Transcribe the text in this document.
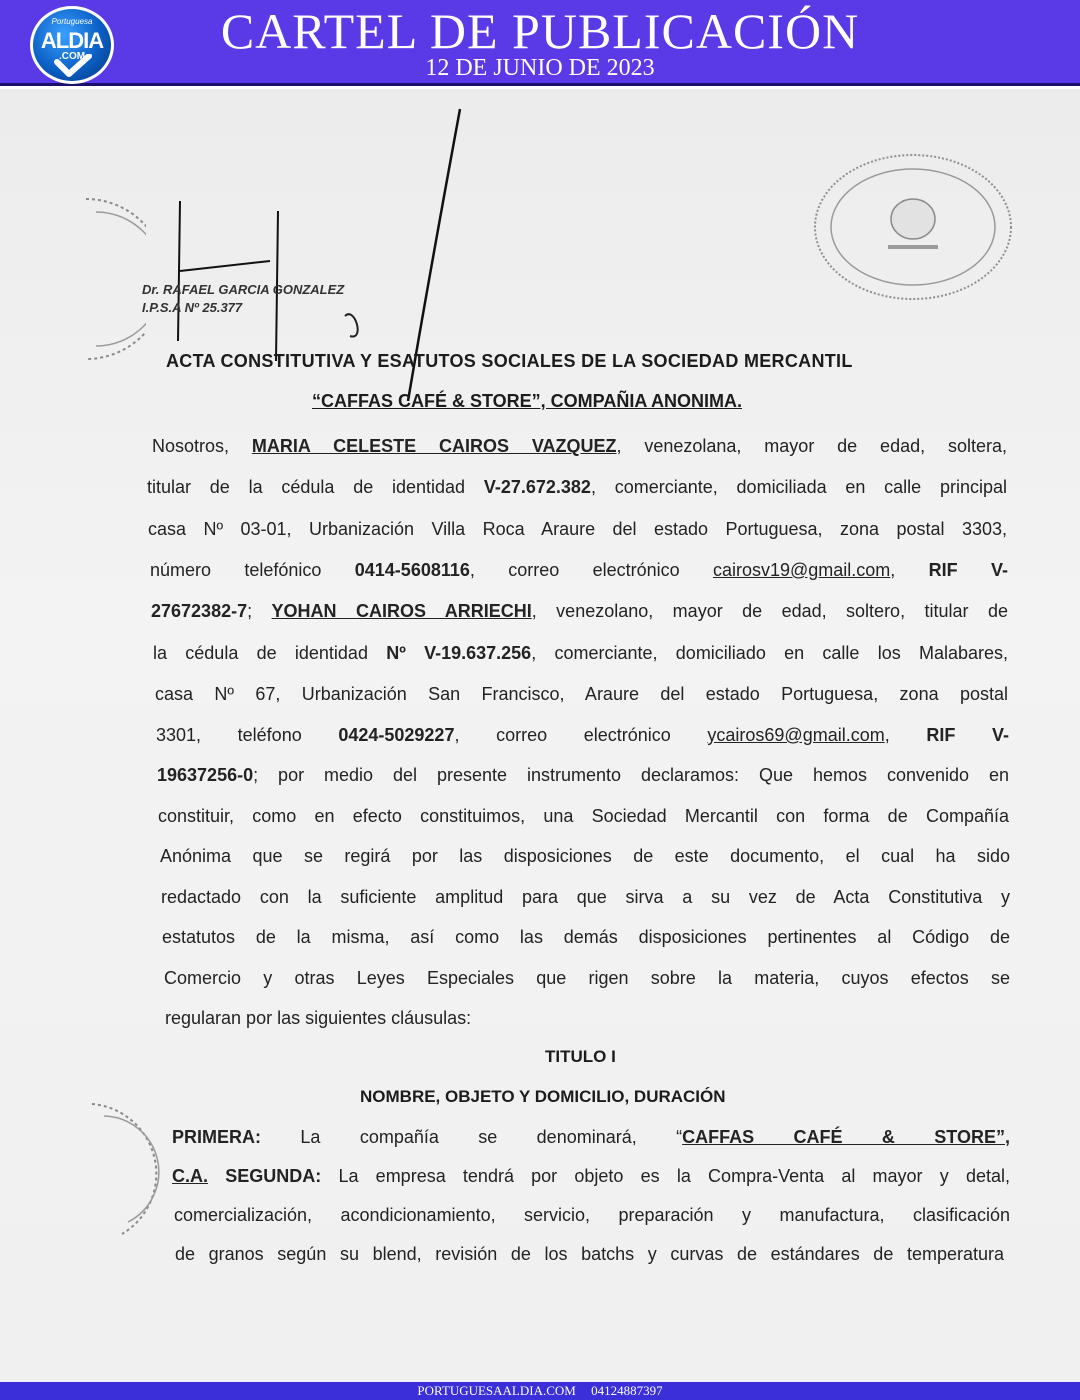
Portuguesa
ALDIA
.COM	CARTEL DE PUBLICACIÓN
12 DE JUNIO DE 2023
Dr. RAFAEL GARCIA GONZALEZ
I.P.S.A Nº 25.377
ACTA CONSTITUTIVA Y ESATUTOS SOCIALES DE LA SOCIEDAD MERCANTIL
“CAFFAS CAFÉ & STORE”, COMPAÑIA ANONIMA.
Nosotros, MARIA CELESTE CAIROS VAZQUEZ, venezolana, mayor de edad, soltera,
titular de la cédula de identidad V-27.672.382, comerciante, domiciliada en calle principal
casa Nº 03-01, Urbanización Villa Roca Araure del estado Portuguesa, zona postal 3303,
número telefónico 0414-5608116, correo electrónico cairosv19@gmail.com, RIF V-
27672382-7; YOHAN CAIROS ARRIECHI, venezolano, mayor de edad, soltero, titular de
la cédula de identidad Nº V-19.637.256, comerciante, domiciliado en calle los Malabares,
casa Nº 67, Urbanización San Francisco, Araure del estado Portuguesa, zona postal
3301, teléfono 0424-5029227, correo electrónico ycairos69@gmail.com, RIF V-
19637256-0; por medio del presente instrumento declaramos: Que hemos convenido en
constituir, como en efecto constituimos, una Sociedad Mercantil con forma de Compañía
Anónima que se regirá por las disposiciones de este documento, el cual ha sido
redactado con la suficiente amplitud para que sirva a su vez de Acta Constitutiva y
estatutos de la misma, así como las demás disposiciones pertinentes al Código de
Comercio y otras Leyes Especiales que rigen sobre la materia, cuyos efectos se
regularan por las siguientes cláusulas:
TITULO I
NOMBRE, OBJETO Y DOMICILIO, DURACIÓN
PRIMERA: La compañía se denominará, “CAFFAS CAFÉ & STORE”,
C.A. SEGUNDA: La empresa tendrá por objeto es la Compra-Venta al mayor y detal,
comercialización, acondicionamiento, servicio, preparación y manufactura, clasificación
de granos según su blend, revisión de los batchs y curvas de estándares de temperatura
PORTUGUESAALDIA.COM 04124887397
